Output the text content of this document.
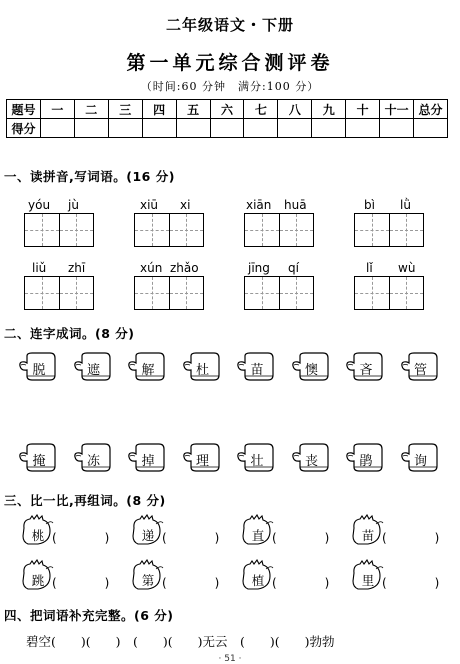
二年级语文・下册
第一单元综合测评卷
（时间:60 分钟　满分:100 分）
题号	一	二	三	四	五	六	七	八	九	十	十一	总分
得分												
一、读拼音,写词语。(16 分)
yóu jù	xiū xi	xiān huā	bì lǜ
liǔ zhī	xún zhǎo	jīng qí	lǐ wù
二、连字成词。(8 分)
脱	遮	解	杜	苗	懊	吝	管
掩	冻	掉	理	壮	丧	鹃	询
三、比一比,再组词。(8 分)
桃 (　　　　)	递 (　　　　)	直 (　　　　)	苗 (　　　　)
跳 (　　　　)	第 (　　　　)	植 (　　　　)	里 (　　　　)
四、把词语补充完整。(6 分)
碧空(　　)(　　)　(　　)(　　)无云　(　　)(　　)勃勃
· 51 ·
